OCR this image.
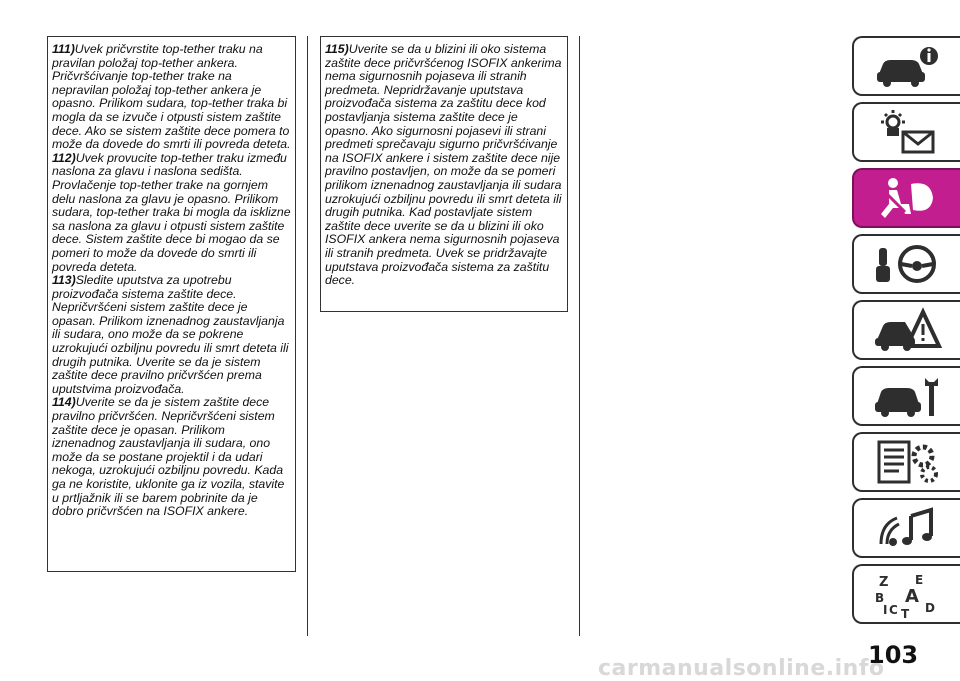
111)Uvek pričvrstite top-tether traku na pravilan položaj top-tether ankera. Pričvršćivanje top-tether trake na nepravilan položaj top-tether ankera je opasno. Prilikom sudara, top-tether traka bi mogla da se izvuče i otpusti sistem zaštite dece. Ako se sistem zaštite dece pomera to može da dovede do smrti ili povreda deteta.

112)Uvek provucite top-tether traku između naslona za glavu i naslona sedišta. Provlačenje top-tether trake na gornjem delu naslona za glavu je opasno. Prilikom sudara, top-tether traka bi mogla da isklizne sa naslona za glavu i otpusti sistem zaštite dece. Sistem zaštite dece bi mogao da se pomeri to može da dovede do smrti ili povreda deteta.

113)Sledite uputstva za upotrebu proizvođača sistema zaštite dece. Nepričvršćeni sistem zaštite dece je opasan. Prilikom iznenadnog zaustavljanja ili sudara, ono može da se pokrene uzrokujući ozbiljnu povredu ili smrt deteta ili drugih putnika. Uverite se da je sistem zaštite dece pravilno pričvršćen prema uputstvima proizvođača.

114)Uverite se da je sistem zaštite dece pravilno pričvršćen. Nepričvršćeni sistem zaštite dece je opasan. Prilikom iznenadnog zaustavljanja ili sudara, ono može da se postane projektil i da udari nekoga, uzrokujući ozbiljnu povredu. Kada ga ne koristite, uklonite ga iz vozila, stavite u prtljažnik ili se barem pobrinite da je dobro pričvršćen na ISOFIX ankere.

115)Uverite se da u blizini ili oko sistema zaštite dece pričvršćenog ISOFIX ankerima nema sigurnosnih pojaseva ili stranih predmeta. Nepridržavanje uputstava proizvođača sistema za zaštitu dece kod postavljanja sistema zaštite dece je opasno. Ako sigurnosni pojasevi ili strani predmeti sprečavaju sigurno pričvršćivanje na ISOFIX ankere i sistem zaštite dece nije pravilno postavljen, on može da se pomeri prilikom iznenadnog zaustavljanja ili sudara uzrokujući ozbiljnu povredu ili smrt deteta ili drugih putnika. Kad postavljate sistem zaštite dece uverite se da u blizini ili oko ISOFIX ankera nema sigurnosnih pojaseva ili stranih predmeta. Uvek se pridržavajte uputstava proizvođača sistema za zaštitu dece.

Z E
B A
C T D
I
carmanualsonline.info
103
